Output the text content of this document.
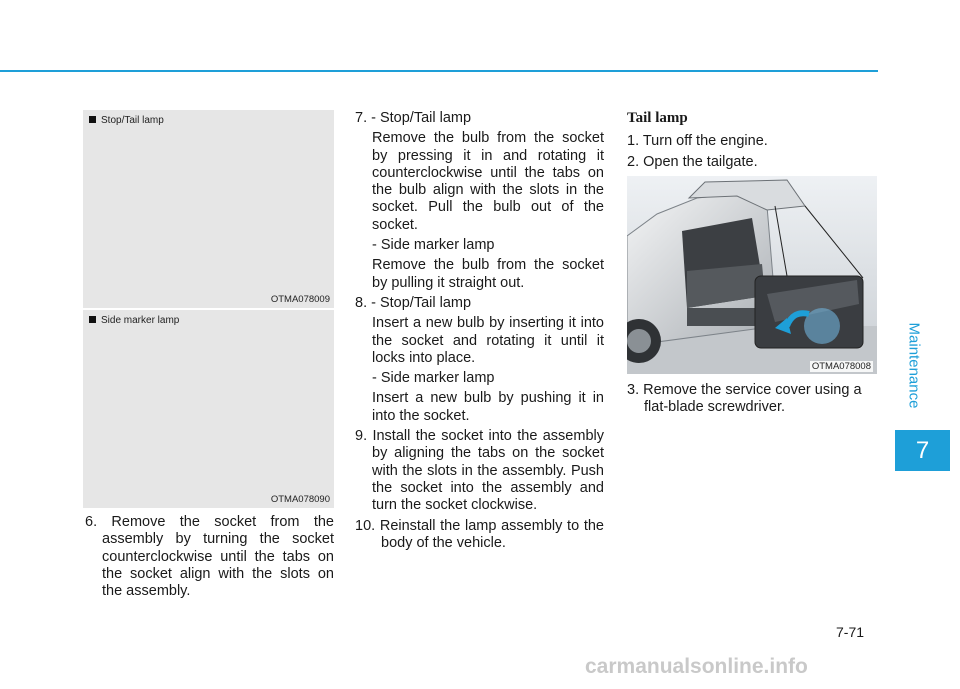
Stop/Tail lamp
OTMA078009
Side marker lamp
OTMA078090

6. Remove the socket from the assembly by turning the socket counterclockwise until the tabs on the socket align with the slots on the assembly.

7. - Stop/Tail lamp

Remove the bulb from the socket by pressing it in and rotating it counterclockwise until the tabs on the bulb align with the slots in the socket. Pull the bulb out of the socket.

- Side marker lamp

Remove the bulb from the socket by pulling it straight out.

8. - Stop/Tail lamp

Insert a new bulb by inserting it into the socket and rotating it until it locks into place.

- Side marker lamp

Insert a new bulb by pushing it in into the socket.

9. Install the socket into the assembly by aligning the tabs on the socket with the slots in the assembly. Push the socket into the assembly and turn the socket clockwise.

10. Reinstall the lamp assembly to the body of the vehicle.

Tail lamp

1. Turn off the engine.

2. Open the tailgate.

OTMA078008

3. Remove the service cover using a flat-blade screwdriver.	Maintenance
7
7-71
carmanualsonline.info
